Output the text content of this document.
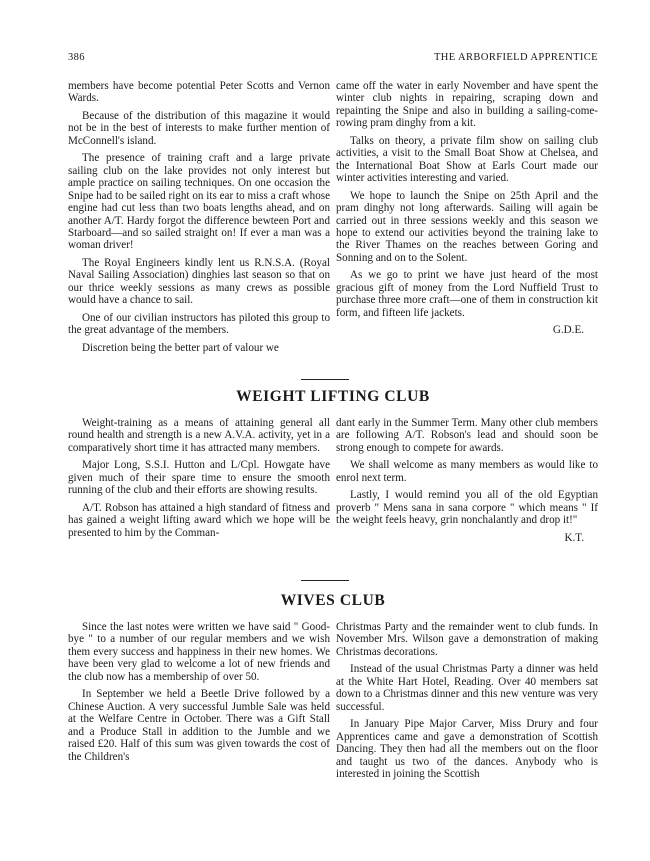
386	THE ARBORFIELD APPRENTICE

members have become potential Peter Scotts and Vernon Wards.

Because of the distribution of this magazine it would not be in the best of interests to make further mention of McConnell's island.

The presence of training craft and a large private sailing club on the lake provides not only interest but ample practice on sailing techniques. On one occasion the Snipe had to be sailed right on its ear to miss a craft whose engine had cut less than two boats lengths ahead, and on another A/T. Hardy forgot the difference bewteen Port and Starboard—and so sailed straight on! If ever a man was a woman driver!

The Royal Engineers kindly lent us R.N.S.A. (Royal Naval Sailing Association) dinghies last season so that on our thrice weekly sessions as many crews as possible would have a chance to sail.

One of our civilian instructors has piloted this group to the great advantage of the members.

Discretion being the better part of valour we

came off the water in early November and have spent the winter club nights in repairing, scraping down and repainting the Snipe and also in building a sailing-come-rowing pram dinghy from a kit.

Talks on theory, a private film show on sailing club activities, a visit to the Small Boat Show at Chelsea, and the International Boat Show at Earls Court made our winter activities interesting and varied.

We hope to launch the Snipe on 25th April and the pram dinghy not long afterwards. Sailing will again be carried out in three sessions weekly and this season we hope to extend our activities beyond the training lake to the River Thames on the reaches between Goring and Sonning and on to the Solent.

As we go to print we have just heard of the most gracious gift of money from the Lord Nuffield Trust to purchase three more craft—one of them in construction kit form, and fifteen life jackets.

G.D.E.

WEIGHT LIFTING CLUB

Weight-training as a means of attaining general all round health and strength is a new A.V.A. activity, yet in a comparatively short time it has attracted many members.

Major Long, S.S.I. Hutton and L/Cpl. Howgate have given much of their spare time to ensure the smooth running of the club and their efforts are showing results.

A/T. Robson has attained a high standard of fitness and has gained a weight lifting award which we hope will be presented to him by the Comman-

dant early in the Summer Term. Many other club members are following A/T. Robson's lead and should soon be strong enough to compete for awards.

We shall welcome as many members as would like to enrol next term.

Lastly, I would remind you all of the old Egyptian proverb " Mens sana in sana corpore " which means " If the weight feels heavy, grin nonchalantly and drop it!"

K.T.

WIVES CLUB

Since the last notes were written we have said " Good-bye " to a number of our regular members and we wish them every success and happiness in their new homes. We have been very glad to welcome a lot of new friends and the club now has a membership of over 50.

In September we held a Beetle Drive followed by a Chinese Auction. A very successful Jumble Sale was held at the Welfare Centre in October. There was a Gift Stall and a Produce Stall in addition to the Jumble and we raised £20. Half of this sum was given towards the cost of the Children's

Christmas Party and the remainder went to club funds. In November Mrs. Wilson gave a demonstration of making Christmas decorations.

Instead of the usual Christmas Party a dinner was held at the White Hart Hotel, Reading. Over 40 members sat down to a Christmas dinner and this new venture was very successful.

In January Pipe Major Carver, Miss Drury and four Apprentices came and gave a demonstration of Scottish Dancing. They then had all the members out on the floor and taught us two of the dances. Anybody who is interested in joining the Scottish
